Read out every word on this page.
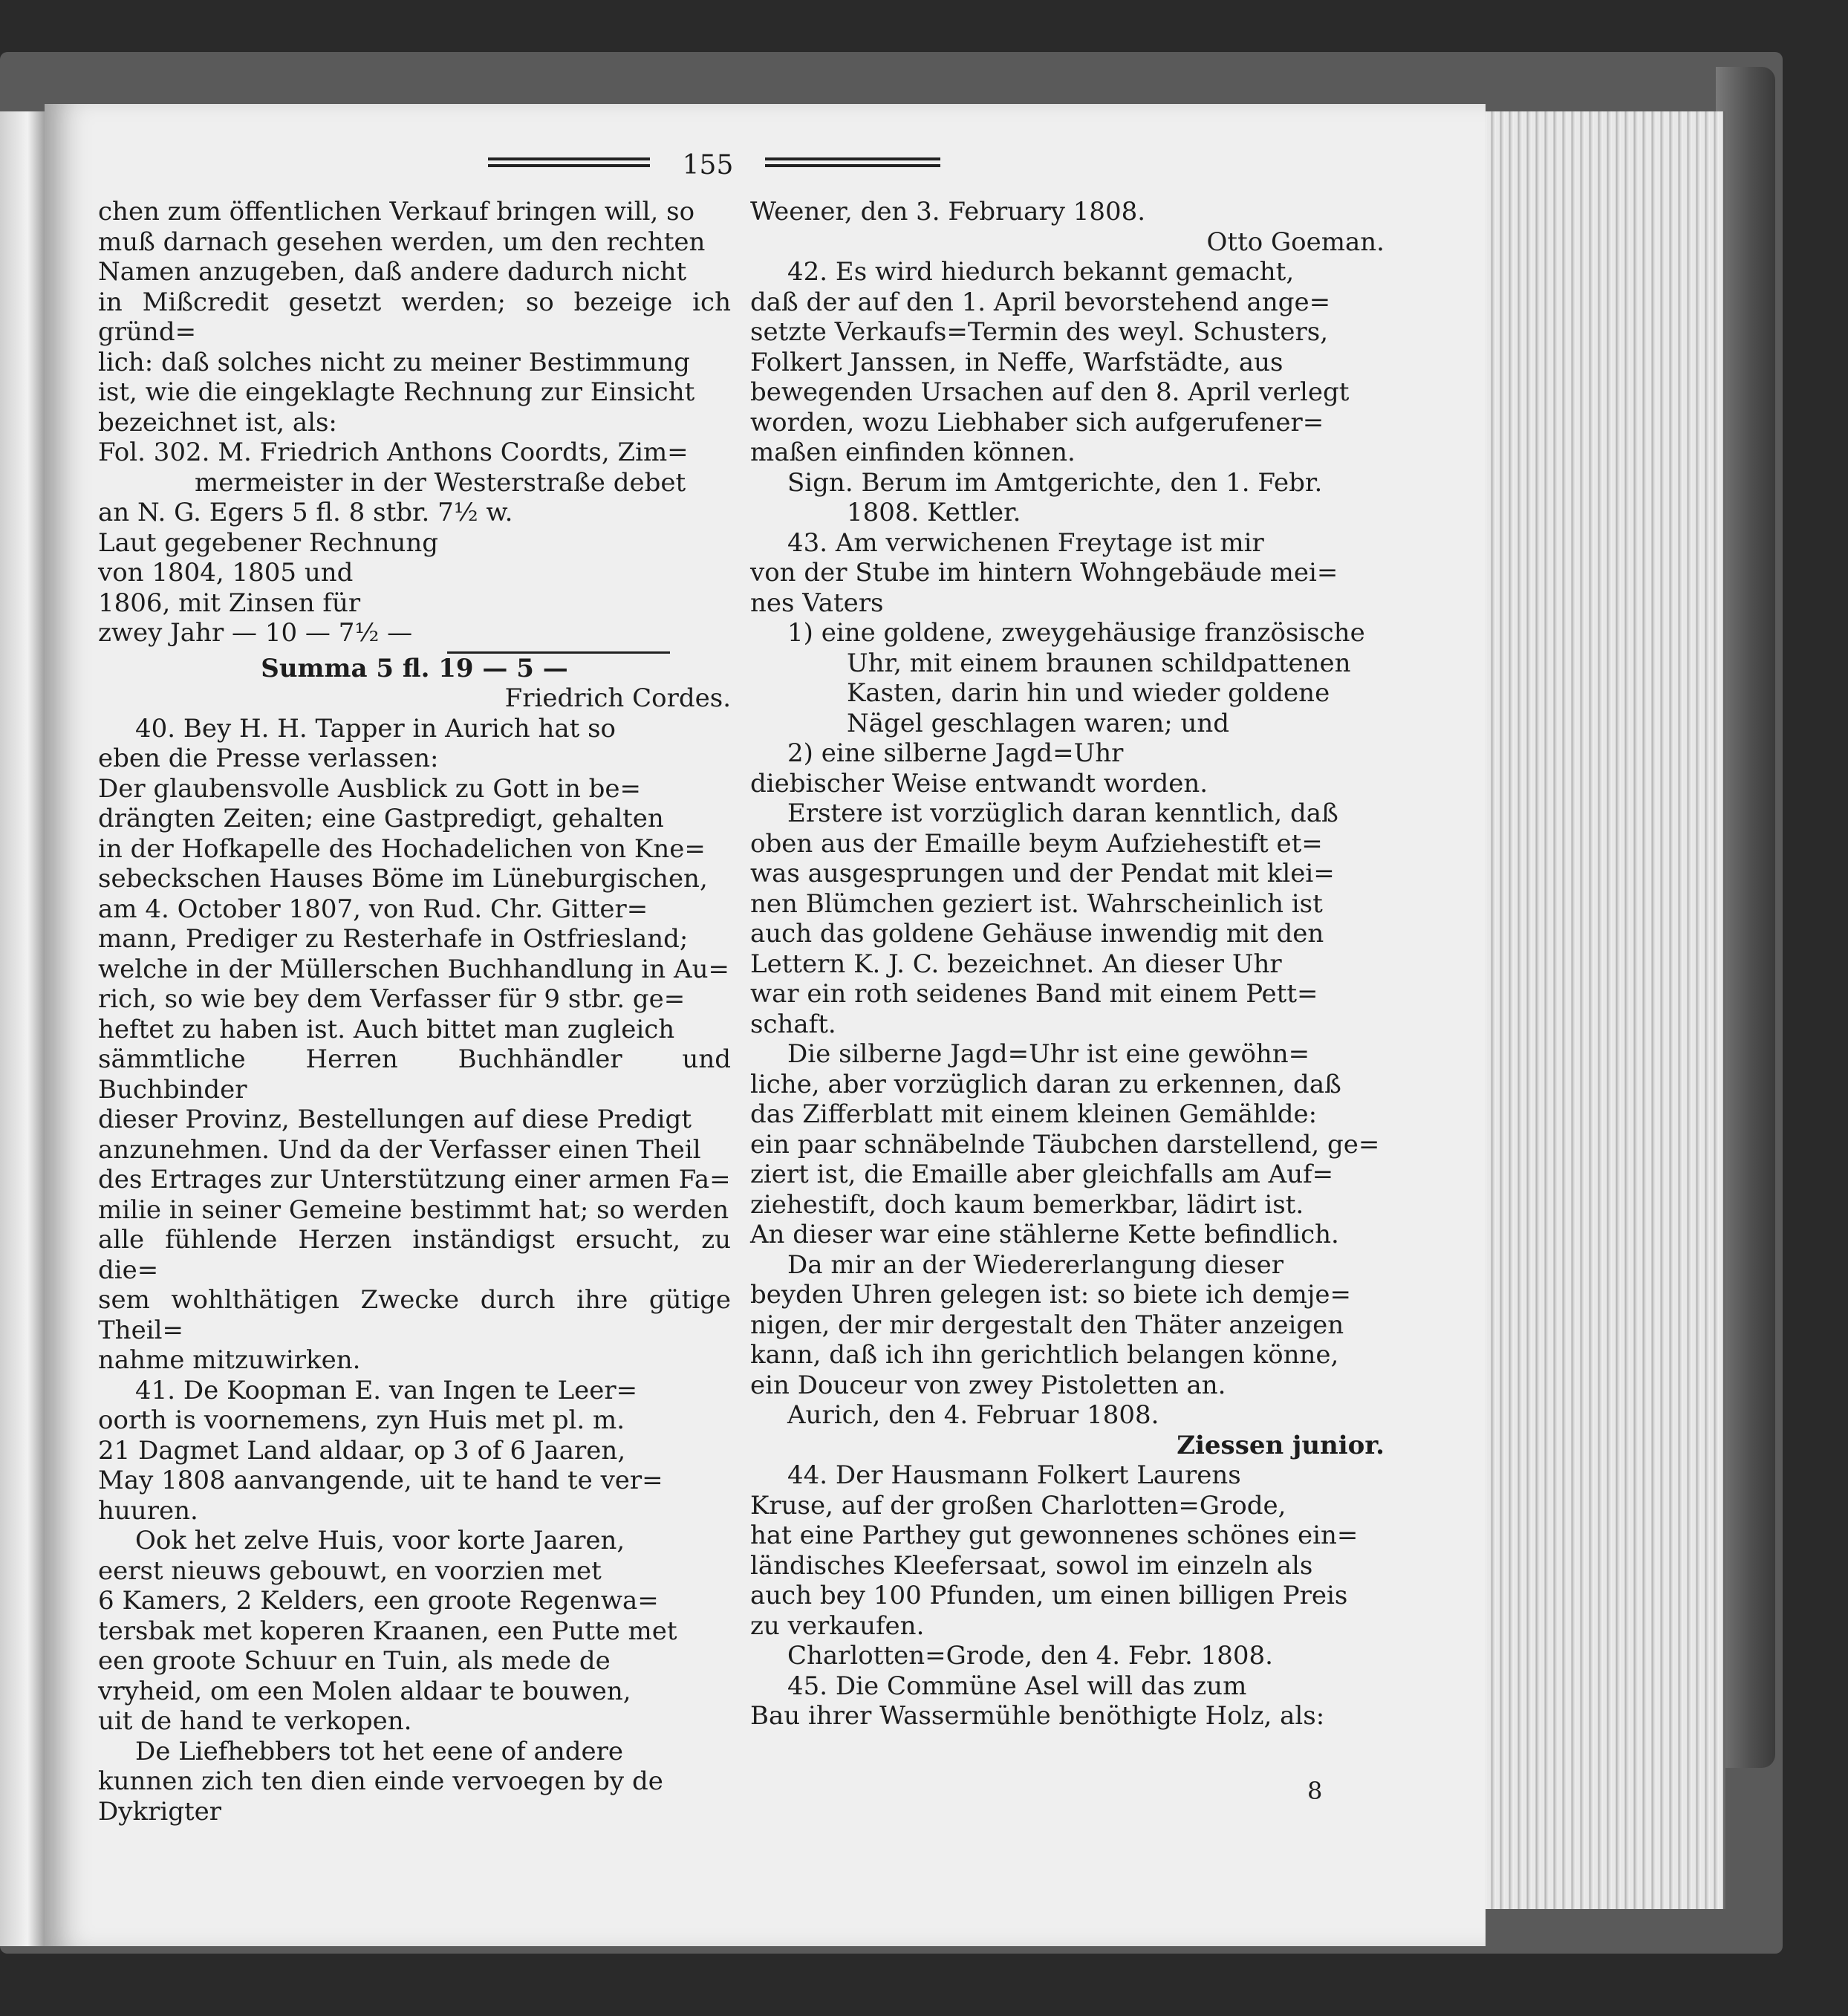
155

chen zum öffentlichen Verkauf bringen will, so

muß darnach gesehen werden, um den rechten

Namen anzugeben, daß andere dadurch nicht

in Mißcredit gesetzt werden; so bezeige ich gründ=

lich: daß solches nicht zu meiner Bestimmung

ist, wie die eingeklagte Rechnung zur Einsicht

bezeichnet ist, als:

Fol. 302. M. Friedrich Anthons Coordts, Zim=

mermeister in der Westerstraße debet

an N. G. Egers 5 fl. 8 stbr. 7½ w.

Laut gegebener Rechnung

von 1804, 1805 und

1806, mit Zinsen für

zwey Jahr — 10 — 7½ —

Summa 5 fl. 19 — 5 —

Friedrich Cordes.

40. Bey H. H. Tapper in Aurich hat so

eben die Presse verlassen:

Der glaubensvolle Ausblick zu Gott in be=

drängten Zeiten; eine Gastpredigt, gehalten

in der Hofkapelle des Hochadelichen von Kne=

sebeckschen Hauses Böme im Lüneburgischen,

am 4. October 1807, von Rud. Chr. Gitter=

mann, Prediger zu Resterhafe in Ostfriesland;

welche in der Müllerschen Buchhandlung in Au=

rich, so wie bey dem Verfasser für 9 stbr. ge=

heftet zu haben ist. Auch bittet man zugleich

sämmtliche Herren Buchhändler und Buchbinder

dieser Provinz, Bestellungen auf diese Predigt

anzunehmen. Und da der Verfasser einen Theil

des Ertrages zur Unterstützung einer armen Fa=

milie in seiner Gemeine bestimmt hat; so werden

alle fühlende Herzen inständigst ersucht, zu die=

sem wohlthätigen Zwecke durch ihre gütige Theil=

nahme mitzuwirken.

41. De Koopman E. van Ingen te Leer=

oorth is voornemens, zyn Huis met pl. m.

21 Dagmet Land aldaar, op 3 of 6 Jaaren,

May 1808 aanvangende, uit te hand te ver=

huuren.

Ook het zelve Huis, voor korte Jaaren,

eerst nieuws gebouwt, en voorzien met

6 Kamers, 2 Kelders, een groote Regenwa=

tersbak met koperen Kraanen, een Putte met

een groote Schuur en Tuin, als mede de

vryheid, om een Molen aldaar te bouwen,

uit de hand te verkopen.

De Liefhebbers tot het eene of andere

kunnen zich ten dien einde vervoegen by de

Dykrigter

Weener, den 3. February 1808.

Otto Goeman.

42. Es wird hiedurch bekannt gemacht,

daß der auf den 1. April bevorstehend ange=

setzte Verkaufs=Termin des weyl. Schusters,

Folkert Janssen, in Neffe, Warfstädte, aus

bewegenden Ursachen auf den 8. April verlegt

worden, wozu Liebhaber sich aufgerufener=

maßen einfinden können.

Sign. Berum im Amtgerichte, den 1. Febr.

1808. Kettler.

43. Am verwichenen Freytage ist mir

von der Stube im hintern Wohngebäude mei=

nes Vaters

1) eine goldene, zweygehäusige französische

Uhr, mit einem braunen schildpattenen

Kasten, darin hin und wieder goldene

Nägel geschlagen waren; und

2) eine silberne Jagd=Uhr

diebischer Weise entwandt worden.

Erstere ist vorzüglich daran kenntlich, daß

oben aus der Emaille beym Aufziehestift et=

was ausgesprungen und der Pendat mit klei=

nen Blümchen geziert ist. Wahrscheinlich ist

auch das goldene Gehäuse inwendig mit den

Lettern K. J. C. bezeichnet. An dieser Uhr

war ein roth seidenes Band mit einem Pett=

schaft.

Die silberne Jagd=Uhr ist eine gewöhn=

liche, aber vorzüglich daran zu erkennen, daß

das Zifferblatt mit einem kleinen Gemählde:

ein paar schnäbelnde Täubchen darstellend, ge=

ziert ist, die Emaille aber gleichfalls am Auf=

ziehestift, doch kaum bemerkbar, lädirt ist.

An dieser war eine stählerne Kette befindlich.

Da mir an der Wiedererlangung dieser

beyden Uhren gelegen ist: so biete ich demje=

nigen, der mir dergestalt den Thäter anzeigen

kann, daß ich ihn gerichtlich belangen könne,

ein Douceur von zwey Pistoletten an.

Aurich, den 4. Februar 1808.

Ziessen junior.

44. Der Hausmann Folkert Laurens

Kruse, auf der großen Charlotten=Grode,

hat eine Parthey gut gewonnenes schönes ein=

ländisches Kleefersaat, sowol im einzeln als

auch bey 100 Pfunden, um einen billigen Preis

zu verkaufen.

Charlotten=Grode, den 4. Febr. 1808.

45. Die Commüne Asel will das zum

Bau ihrer Wassermühle benöthigte Holz, als:

8
